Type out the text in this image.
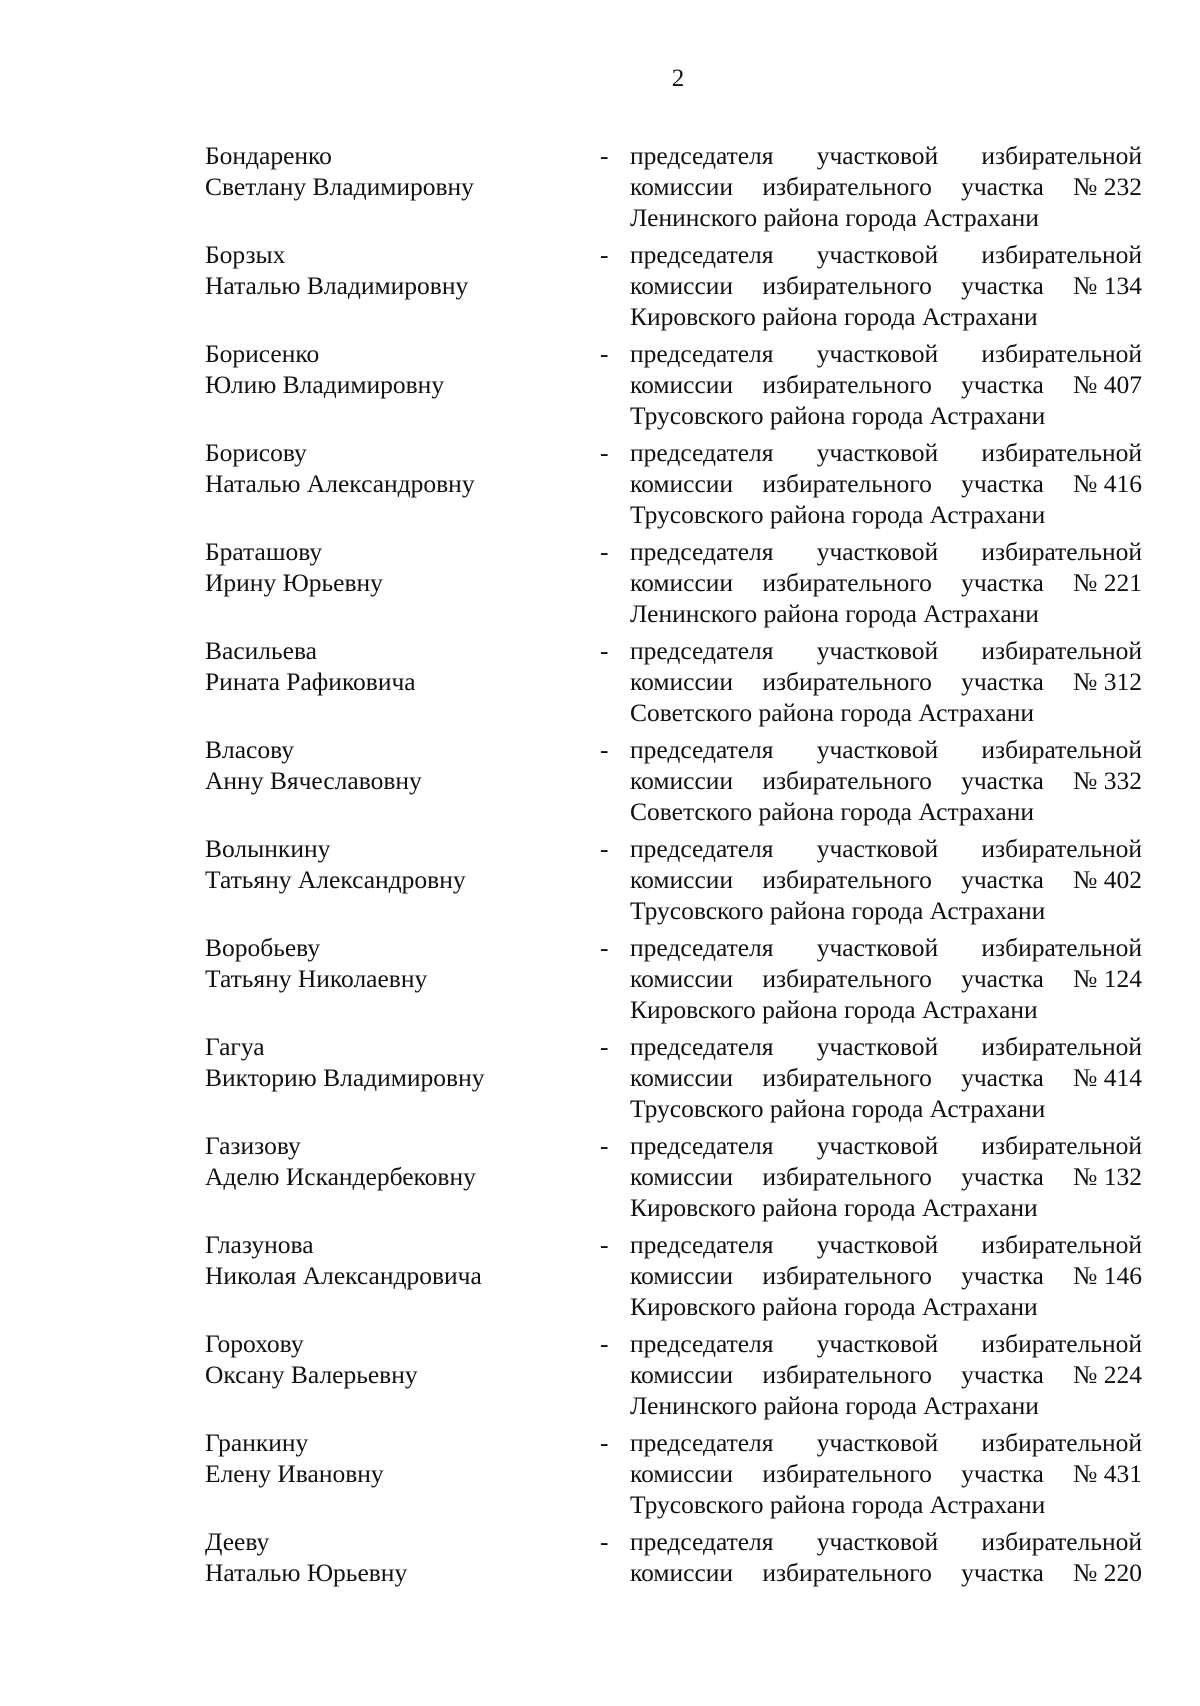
2
Бондаренко
Светлану Владимировну
- председателя участковой избирательной
комиссии избирательного участка № 232
Ленинского района города Астрахани
Борзых
Наталью Владимировну
- председателя участковой избирательной
комиссии избирательного участка № 134
Кировского района города Астрахани
Борисенко
Юлию Владимировну
- председателя участковой избирательной
комиссии избирательного участка № 407
Трусовского района города Астрахани
Борисову
Наталью Александровну
- председателя участковой избирательной
комиссии избирательного участка № 416
Трусовского района города Астрахани
Браташову
Ирину Юрьевну
- председателя участковой избирательной
комиссии избирательного участка № 221
Ленинского района города Астрахани
Васильева
Рината Рафиковича
- председателя участковой избирательной
комиссии избирательного участка № 312
Советского района города Астрахани
Власову
Анну Вячеславовну
- председателя участковой избирательной
комиссии избирательного участка № 332
Советского района города Астрахани
Волынкину
Татьяну Александровну
- председателя участковой избирательной
комиссии избирательного участка № 402
Трусовского района города Астрахани
Воробьеву
Татьяну Николаевну
- председателя участковой избирательной
комиссии избирательного участка № 124
Кировского района города Астрахани
Гагуа
Викторию Владимировну
- председателя участковой избирательной
комиссии избирательного участка № 414
Трусовского района города Астрахани
Газизову
Аделю Искандербековну
- председателя участковой избирательной
комиссии избирательного участка № 132
Кировского района города Астрахани
Глазунова
Николая Александровича
- председателя участковой избирательной
комиссии избирательного участка № 146
Кировского района города Астрахани
Горохову
Оксану Валерьевну
- председателя участковой избирательной
комиссии избирательного участка № 224
Ленинского района города Астрахани
Гранкину
Елену Ивановну
- председателя участковой избирательной
комиссии избирательного участка № 431
Трусовского района города Астрахани
Дееву
Наталью Юрьевну
- председателя участковой избирательной
комиссии избирательного участка № 220
